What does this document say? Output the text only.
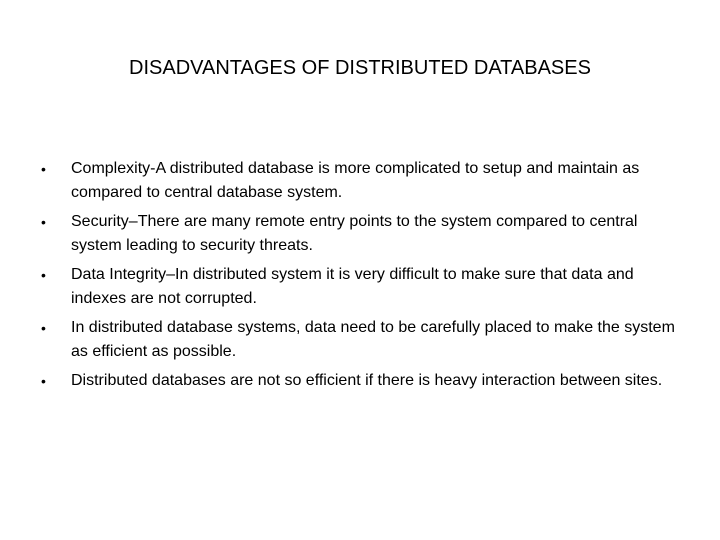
DISADVANTAGES OF DISTRIBUTED DATABASES
•	Complexity-A distributed database is more complicated to setup and maintain as compared to central database system.
•	Security–There are many remote entry points to the system compared to central system leading to security threats.
•	Data Integrity–In distributed system it is very difficult to make sure that data and indexes are not corrupted.
•	In distributed database systems, data need to be carefully placed to make the system as efficient as possible.
•	Distributed databases are not so efficient if there is heavy interaction between sites.
